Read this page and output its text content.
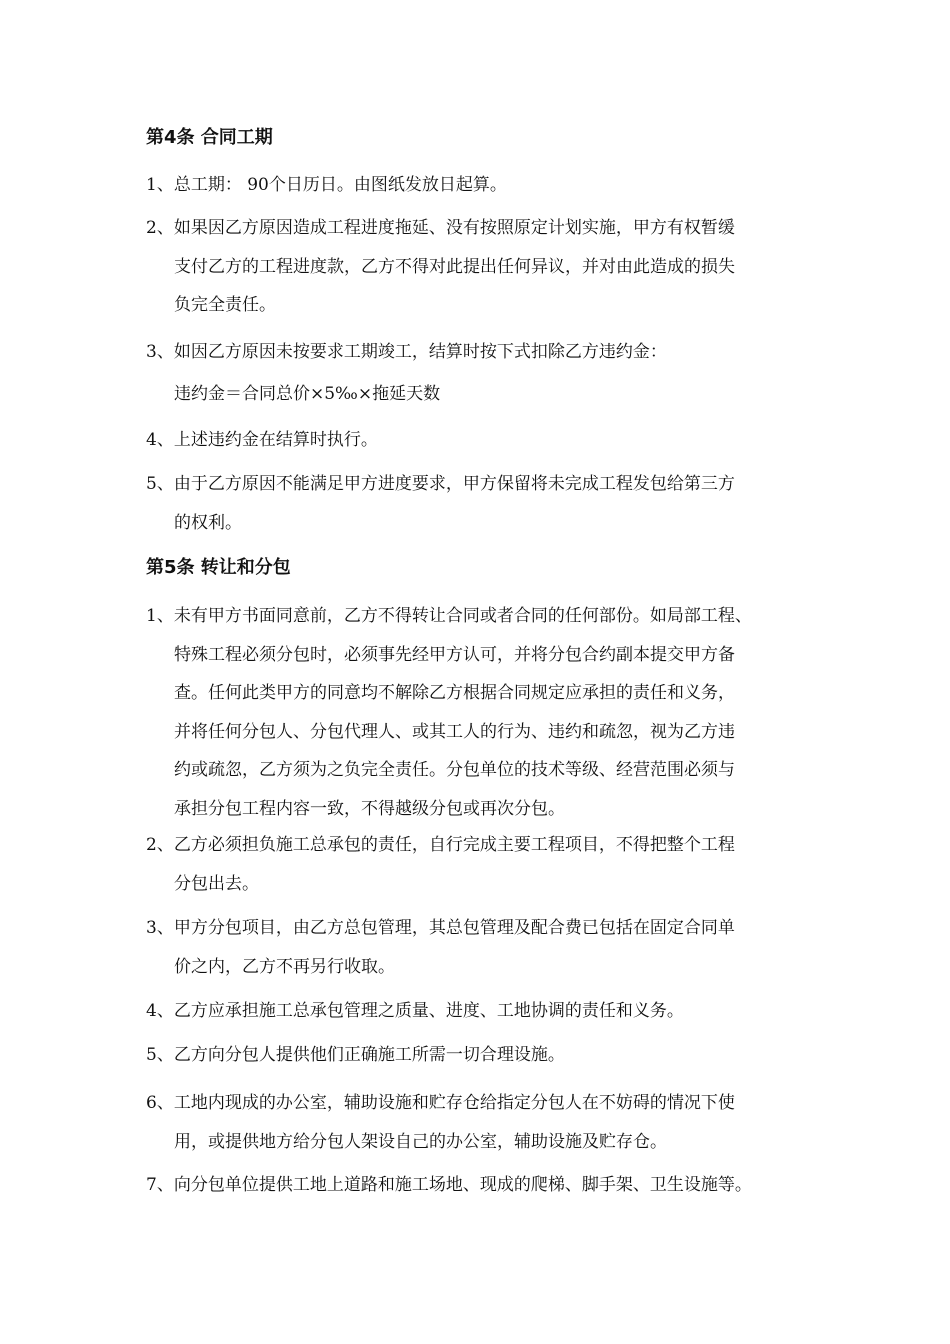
第4条 合同工期
1、总工期： 90个日历日。由图纸发放日起算。
2、如果因乙方原因造成工程进度拖延、没有按照原定计划实施，甲方有权暂缓
支付乙方的工程进度款，乙方不得对此提出任何异议，并对由此造成的损失
负完全责任。
3、如因乙方原因未按要求工期竣工，结算时按下式扣除乙方违约金：
违约金＝合同总价×5‰×拖延天数
4、上述违约金在结算时执行。
5、由于乙方原因不能满足甲方进度要求，甲方保留将未完成工程发包给第三方
的权利。
第5条 转让和分包
1、未有甲方书面同意前，乙方不得转让合同或者合同的任何部份。如局部工程、
特殊工程必须分包时，必须事先经甲方认可，并将分包合约副本提交甲方备
查。任何此类甲方的同意均不解除乙方根据合同规定应承担的责任和义务，
并将任何分包人、分包代理人、或其工人的行为、违约和疏忽，视为乙方违
约或疏忽，乙方须为之负完全责任。分包单位的技术等级、经营范围必须与
承担分包工程内容一致，不得越级分包或再次分包。
2、乙方必须担负施工总承包的责任，自行完成主要工程项目，不得把整个工程
分包出去。
3、甲方分包项目，由乙方总包管理，其总包管理及配合费已包括在固定合同单
价之内，乙方不再另行收取。
4、乙方应承担施工总承包管理之质量、进度、工地协调的责任和义务。
5、乙方向分包人提供他们正确施工所需一切合理设施。
6、工地内现成的办公室，辅助设施和贮存仓给指定分包人在不妨碍的情况下使
用，或提供地方给分包人架设自己的办公室，辅助设施及贮存仓。
7、向分包单位提供工地上道路和施工场地、现成的爬梯、脚手架、卫生设施等。
